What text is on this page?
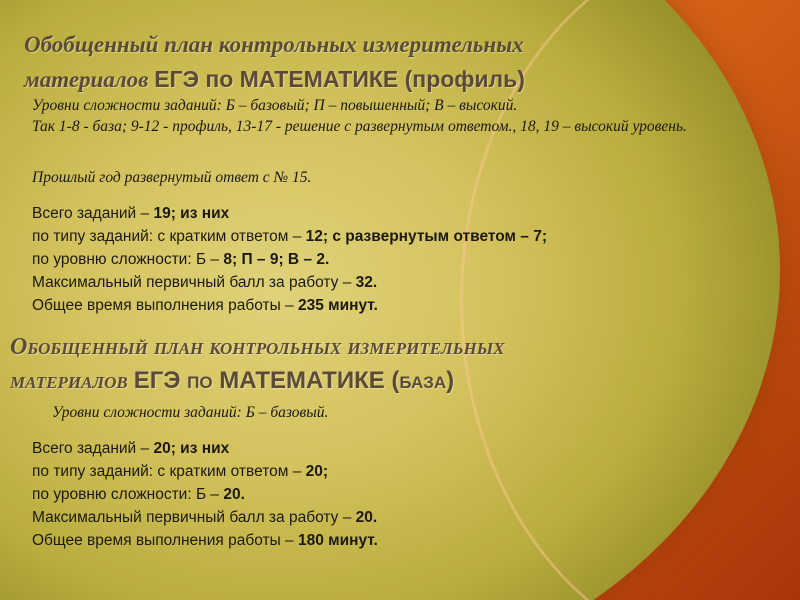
Обобщенный план контрольных измерительных
материалов ЕГЭ по МАТЕМАТИКЕ (профиль)

Уровни сложности заданий: Б – базовый; П – повышенный; В – высокий.

Так 1-8 - база; 9-12 - профиль, 13-17 - решение с развернутым ответом., 18, 19 – высокий уровень.

Прошлый год развернутый ответ с № 15.

Всего заданий – 19; из них
по типу заданий: с кратким ответом – 12; с развернутым ответом – 7;
по уровню сложности: Б – 8; П – 9; В – 2.
Максимальный первичный балл за работу – 32.
Общее время выполнения работы – 235 минут.
Обобщенный план контрольных измерительных
материалов ЕГЭ по МАТЕМАТИКЕ (база)

Уровни сложности заданий: Б – базовый.

Всего заданий – 20; из них
по типу заданий: с кратким ответом – 20;
по уровню сложности: Б – 20.
Максимальный первичный балл за работу – 20.
Общее время выполнения работы – 180 минут.
